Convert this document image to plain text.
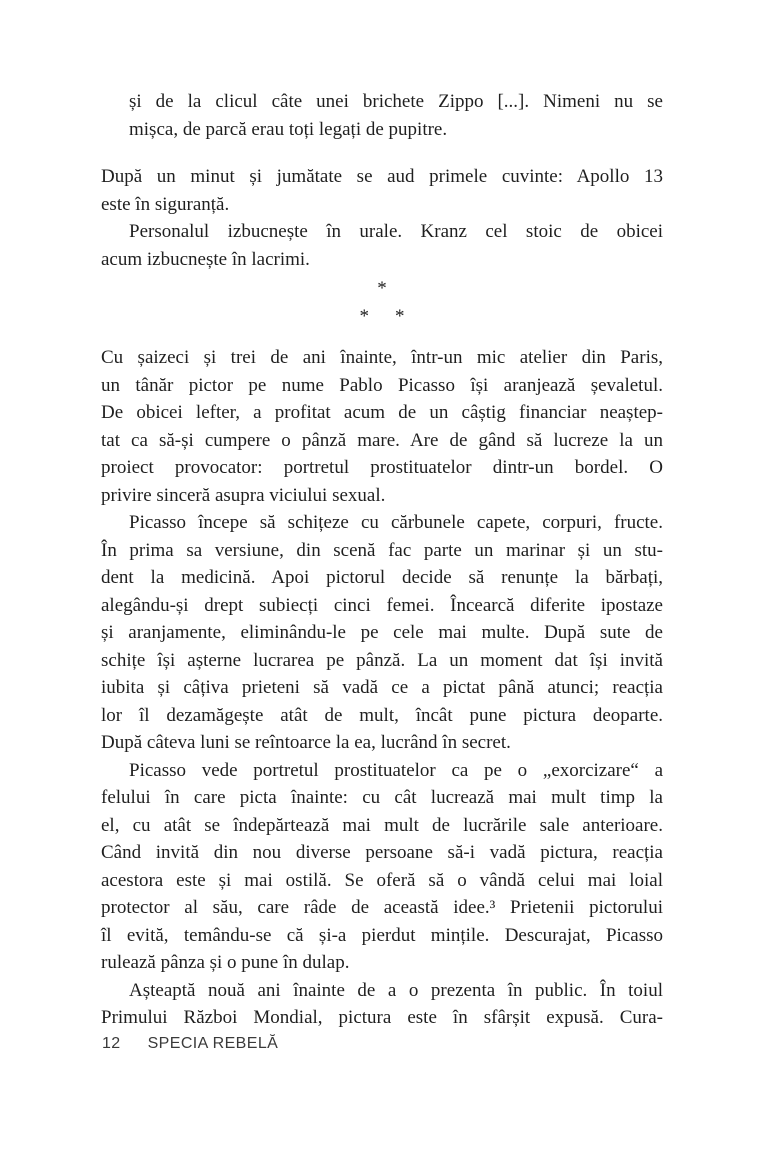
și de la clicul câte unei brichete Zippo [...]. Nimeni nu se
mișca, de parcă erau toți legați de pupitre.
După un minut și jumătate se aud primele cuvinte: Apollo 13
este în siguranță.
Personalul izbucnește în urale. Kranz cel stoic de obicei
acum izbucnește în lacrimi.
*
* *
Cu șaizeci și trei de ani înainte, într-un mic atelier din Paris,
un tânăr pictor pe nume Pablo Picasso își aranjează șevaletul.
De obicei lefter, a profitat acum de un câștig financiar neaștep-
tat ca să-și cumpere o pânză mare. Are de gând să lucreze la un
proiect provocator: portretul prostituatelor dintr-un bordel. O
privire sinceră asupra viciului sexual.
Picasso începe să schițeze cu cărbunele capete, corpuri, fructe.
În prima sa versiune, din scenă fac parte un marinar și un stu-
dent la medicină. Apoi pictorul decide să renunțe la bărbați,
alegându-și drept subiecți cinci femei. Încearcă diferite ipostaze
și aranjamente, eliminându-le pe cele mai multe. După sute de
schițe își așterne lucrarea pe pânză. La un moment dat își invită
iubita și câțiva prieteni să vadă ce a pictat până atunci; reacția
lor îl dezamăgește atât de mult, încât pune pictura deoparte.
După câteva luni se reîntoarce la ea, lucrând în secret.
Picasso vede portretul prostituatelor ca pe o „exorcizare“ a
felului în care picta înainte: cu cât lucrează mai mult timp la
el, cu atât se îndepărtează mai mult de lucrările sale anterioare.
Când invită din nou diverse persoane să-i vadă pictura, reacția
acestora este și mai ostilă. Se oferă să o vândă celui mai loial
protector al său, care râde de această idee.³ Prietenii pictorului
îl evită, temându-se că și-a pierdut mințile. Descurajat, Picasso
rulează pânza și o pune în dulap.
Așteaptă nouă ani înainte de a o prezenta în public. În toiul
Primului Război Mondial, pictura este în sfârșit expusă. Cura-
12 SPECIA REBELĂ
